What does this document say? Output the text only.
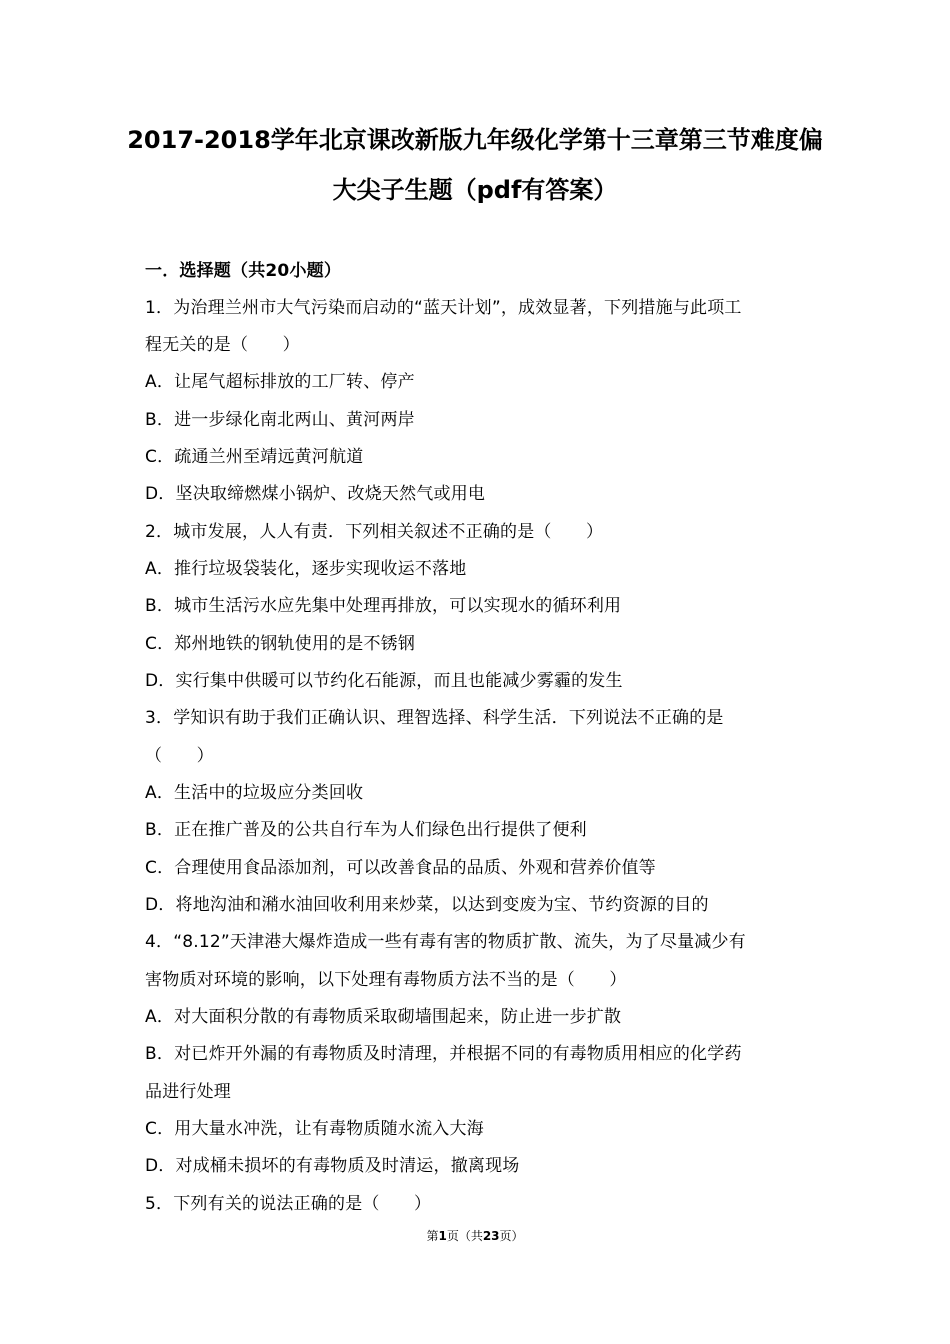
2017-2018学年北京课改新版九年级化学第十三章第三节难度偏
大尖子生题（pdf有答案）
一．选择题（共20小题）
1．为治理兰州市大气污染而启动的“蓝天计划”，成效显著，下列措施与此项工
程无关的是（　　）
A．让尾气超标排放的工厂转、停产
B．进一步绿化南北两山、黄河两岸
C．疏通兰州至靖远黄河航道
D．坚决取缔燃煤小锅炉、改烧天然气或用电
2．城市发展，人人有责．下列相关叙述不正确的是（　　）
A．推行垃圾袋装化，逐步实现收运不落地
B．城市生活污水应先集中处理再排放，可以实现水的循环利用
C．郑州地铁的钢轨使用的是不锈钢
D．实行集中供暖可以节约化石能源，而且也能减少雾霾的发生
3．学知识有助于我们正确认识、理智选择、科学生活．下列说法不正确的是
（　　）
A．生活中的垃圾应分类回收
B．正在推广普及的公共自行车为人们绿色出行提供了便利
C．合理使用食品添加剂，可以改善食品的品质、外观和营养价值等
D．将地沟油和潲水油回收利用来炒菜，以达到变废为宝、节约资源的目的
4．“8.12”天津港大爆炸造成一些有毒有害的物质扩散、流失，为了尽量减少有
害物质对环境的影响，以下处理有毒物质方法不当的是（　　）
A．对大面积分散的有毒物质采取砌墙围起来，防止进一步扩散
B．对已炸开外漏的有毒物质及时清理，并根据不同的有毒物质用相应的化学药
品进行处理
C．用大量水冲洗，让有毒物质随水流入大海
D．对成桶未损坏的有毒物质及时清运，撤离现场
5．下列有关的说法正确的是（　　）
第1页（共23页）
